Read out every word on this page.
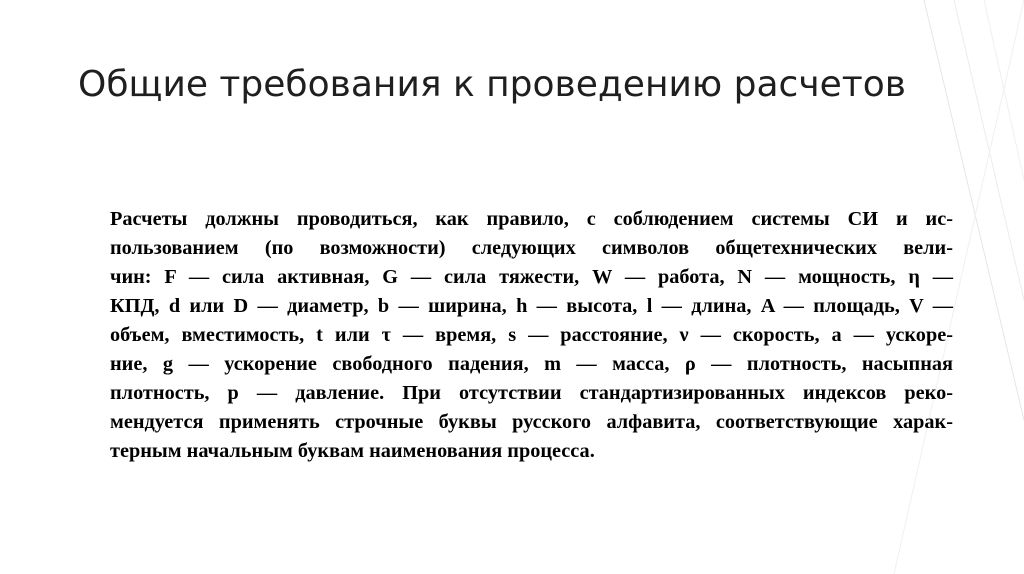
Общие требования к проведению расчетов
Расчеты должны проводиться, как правило, с соблюдением системы СИ и ис-
пользованием (по возможности) следующих символов общетехнических вели-
чин: F — сила активная, G — сила тяжести, W — работа, N — мощность, η —
КПД, d или D — диаметр, b — ширина, h — высота, l — длина, A — площадь, V —
объем, вместимость, t или τ — время, s — расстояние, ν — скорость, a — ускоре-
ние, g — ускорение свободного падения, m — масса, ρ — плотность, насыпная
плотность, p — давление. При отсутствии стандартизированных индексов реко-
мендуется применять строчные буквы русского алфавита, соответствующие харак-
терным начальным буквам наименования процесса.
